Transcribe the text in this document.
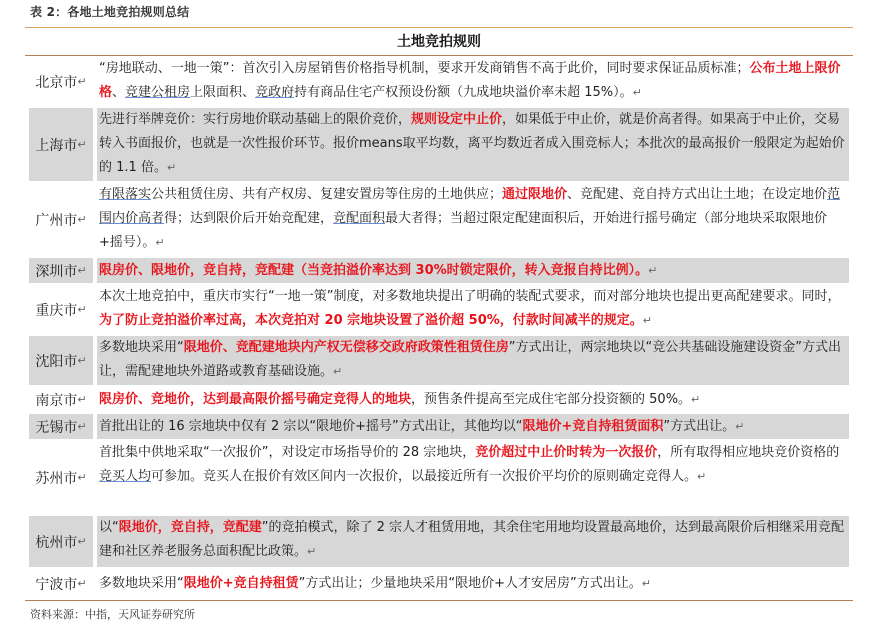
表 2：各地土地竞拍规则总结
土地竞拍规则
北京市 ↵
“房地联动、一地一策”：首次引入房屋销售价格指导机制，要求开发商销售不高于此价，同时要求保证品质标准；公布土地上限价格、竞建公租房上限面积、竞政府持有商品住宅产权预设份额（九成地块溢价率未超 15%）。↵
上海市 ↵
先进行举牌竞价：实行房地价联动基础上的限价竞价，规则设定中止价，如果低于中止价，就是价高者得。如果高于中止价，交易转入书面报价，也就是一次性报价环节。报价means取平均数，离平均数近者成入围竞标人；本批次的最高报价一般限定为起始价的 1.1 倍。↵
广州市 ↵
有限落实公共租赁住房、共有产权房、复建安置房等住房的土地供应；通过限地价、竞配建、竞自持方式出让土地；在设定地价范围内价高者得；达到限价后开始竞配建，竞配面积最大者得；当超过限定配建面积后，开始进行摇号确定（部分地块采取限地价+摇号）。↵
深圳市 ↵ 限房价、限地价，竞自持，竞配建（当竞拍溢价率达到 30%时锁定限价，转入竞报自持比例）。↵
重庆市 ↵
本次土地竞拍中，重庆市实行“一地一策”制度，对多数地块提出了明确的装配式要求，而对部分地块也提出更高配建要求。同时，为了防止竞拍溢价率过高，本次竞拍对 20 宗地块设置了溢价超 50%，付款时间减半的规定。↵
沈阳市 ↵
多数地块采用“限地价、竞配建地块内产权无偿移交政府政策性租赁住房”方式出让，两宗地块以“竞公共基础设施建设资金”方式出让，需配建地块外道路或教育基础设施。↵
南京市 ↵ 限房价、竞地价，达到最高限价摇号确定竞得人的地块，预售条件提高至完成住宅部分投资额的 50%。↵
无锡市 ↵ 首批出让的 16 宗地块中仅有 2 宗以“限地价+摇号”方式出让，其他均以“限地价+竞自持租赁面积”方式出让。↵
苏州市 ↵
首批集中供地采取“一次报价”，对设定市场指导价的 28 宗地块，竞价超过中止价时转为一次报价，所有取得相应地块竞价资格的竞买人均可参加。竞买人在报价有效区间内一次报价，以最接近所有一次报价平均价的原则确定竞得人。↵
杭州市 ↵
以“限地价，竞自持，竞配建”的竞拍模式，除了 2 宗人才租赁用地，其余住宅用地均设置最高地价，达到最高限价后相继采用竞配建和社区养老服务总面积配比政策。↵
宁波市 ↵ 多数地块采用“限地价+竞自持租赁”方式出让；少量地块采用“限地价+人才安居房”方式出让。↵
资料来源：中指，天风证券研究所
